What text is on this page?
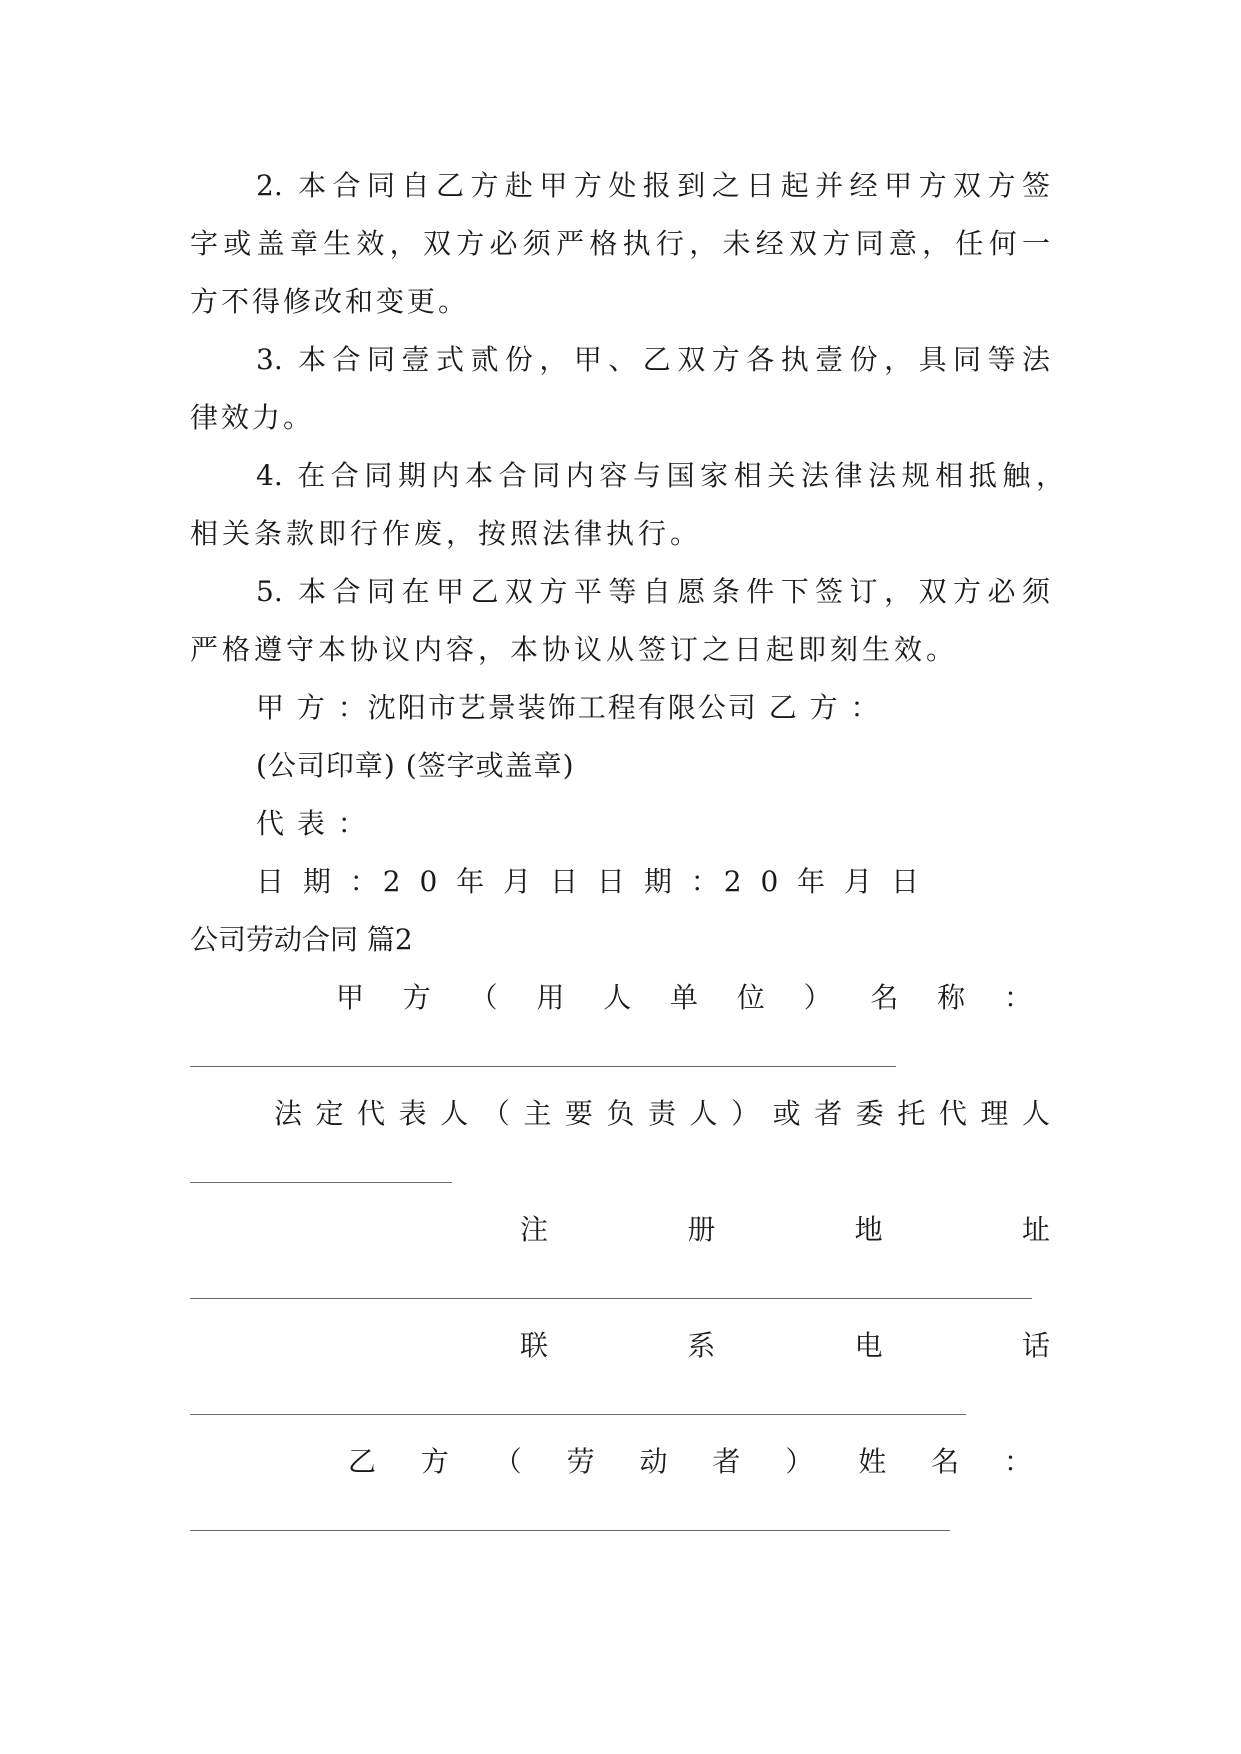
2. 本合同自乙方赴甲方处报到之日起并经甲方双方签

字或盖章生效，双方必须严格执行，未经双方同意，任何一

方不得修改和变更。

3. 本合同壹式贰份，甲、乙双方各执壹份，具同等法

律效力。

4. 在合同期内本合同内容与国家相关法律法规相抵触，

相关条款即行作废，按照法律执行。

5. 本合同在甲乙双方平等自愿条件下签订，双方必须

严格遵守本协议内容，本协议从签订之日起即刻生效。

甲 方 ：沈阳市艺景装饰工程有限公司 乙 方 ：

(公司印章) (签字或盖章)

代 表 ：

日 期 ：2 0 年 月 日 日 期 ：2 0 年 月 日

公司劳动合同 篇2

甲方（用人单位）名称：

法定代表人（主要负责人）或者委托代理人

注册地址

联系电话

乙方（劳动者）姓名：
